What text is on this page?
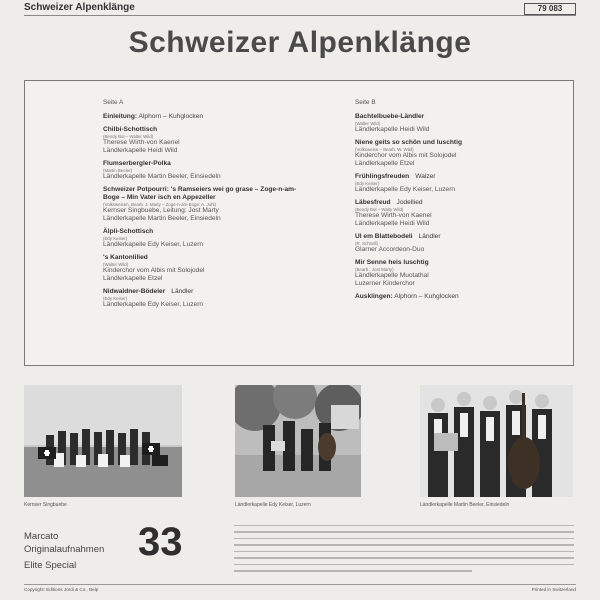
Schweizer Alpenklänge	79 083
Schweizer Alpenklänge
Seite A
Einleitung: Alphorn – Kuhglocken
Chilbi-Schottisch
(Bendy Bul – Walter Wild)
Therese Wirth-von Kaenel
Ländlerkapelle Heidi Wild
Flumserbergler-Polka
(Martin Beeler)
Ländlerkapelle Martin Beeler, Einsiedeln
Schweizer Potpourri: 's Ramseiers wei go grase – Zoge-n-am-Boge – Min Vater isch en Appezeller
(Volksweisen, Bearb. J. Marty – Zoge-n-am-Boge: A. Juhl)
Kernser Singbuebe, Leitung: Jost Marty
Ländlerkapelle Martin Beeler, Einsiedeln
Älpli-Schottisch
(Edy Keiser)
Ländlerkapelle Edy Keiser, Luzern
's Kantonlilied
(Walter Wild)
Kinderchor vom Albis mit Solojodel
Ländlerkapelle Etzel
Nidwaldner-Bödeler Ländler

(Edy Keiser)
Ländlerkapelle Edy Keiser, Luzern
Seite B
Bachtelbuebe-Ländler
(Walter Wild)
Ländlerkapelle Heidi Wild
Niene geits so schön und luschtig
(Volksweise – Bearb. W. Wild)
Kinderchor vom Albis mit Solojodel
Ländlerkapelle Etzel
Frühlingsfreuden Walzer

(Edy Keiser)
Ländlerkapelle Edy Keiser, Luzern
Läbesfreud Jodellied

(Bendy Bul – Walty Wild)
Therese Wirth-von Kaenel
Ländlerkapelle Heidi Wild
Ul em Blattebodeli Ländler

(R. Schnell)
Glarner Accordeon-Duo
Mir Senne heis luschtig
(Bearb.: Jost Marty)
Ländlerkapelle Muotathal
Luzerner Kinderchor
Ausklingen: Alphorn – Kuhglocken
Kernser Singbuebe	Ländlerkapelle Edy Keiser, Luzern	Ländlerkapelle Martin Beeler, Einsiedeln
Marcato
Originalaufnahmen
Elite Special
33
Copyright: Editions Jordi & Co., Belp	Printed in Switzerland
